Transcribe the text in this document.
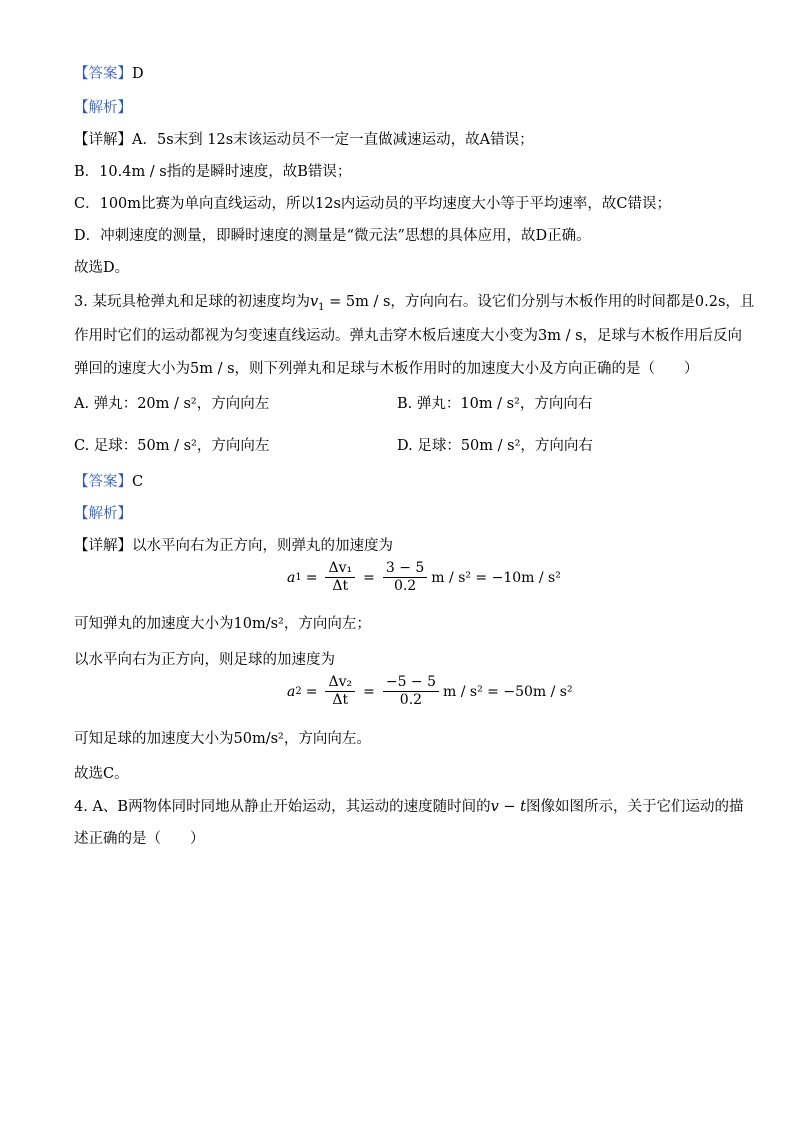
【答案】D
【解析】
【详解】A．5s末到 12s末该运动员不一定一直做减速运动，故A错误；
B．10.4m / s指的是瞬时速度，故B错误；
C．100m比赛为单向直线运动，所以12s内运动员的平均速度大小等于平均速率，故C错误；
D．冲刺速度的测量，即瞬时速度的测量是“微元法”思想的具体应用，故D正确。
故选D。
3. 某玩具枪弹丸和足球的初速度均为$v_1 = 5m / s$，方向向右。设它们分别与木板作用的时间都是0.2s，且
作用时它们的运动都视为匀变速直线运动。弹丸击穿木板后速度大小变为3m / s，足球与木板作用后反向
弹回的速度大小为5m / s，则下列弹丸和足球与木板作用时的加速度大小及方向正确的是（　　）
A. 弹丸：20m / s²，方向向左	B. 弹丸：10m / s²，方向向右
C. 足球：50m / s²，方向向左	D. 足球：50m / s²，方向向右
【答案】C
【解析】
【详解】以水平向右为正方向，则弹丸的加速度为
a $1 = \frac{\text{Δv₁}}{\Delta t} = \frac{3 - 5}{0.2}$ m / s² = −10m / s²
可知弹丸的加速度大小为10m/s²，方向向左；
以水平向右为正方向，则足球的加速度为
a $2 = \frac{\text{Δv₂}}{\Delta t} = \frac{-5 - 5}{0.2}$ m / s² = −50m / s²
可知足球的加速度大小为50m/s²，方向向左。
故选C。
4. A、B两物体同时同地从静止开始运动，其运动的速度随时间的v − t图像如图所示，关于它们运动的描
述正确的是（　　）
